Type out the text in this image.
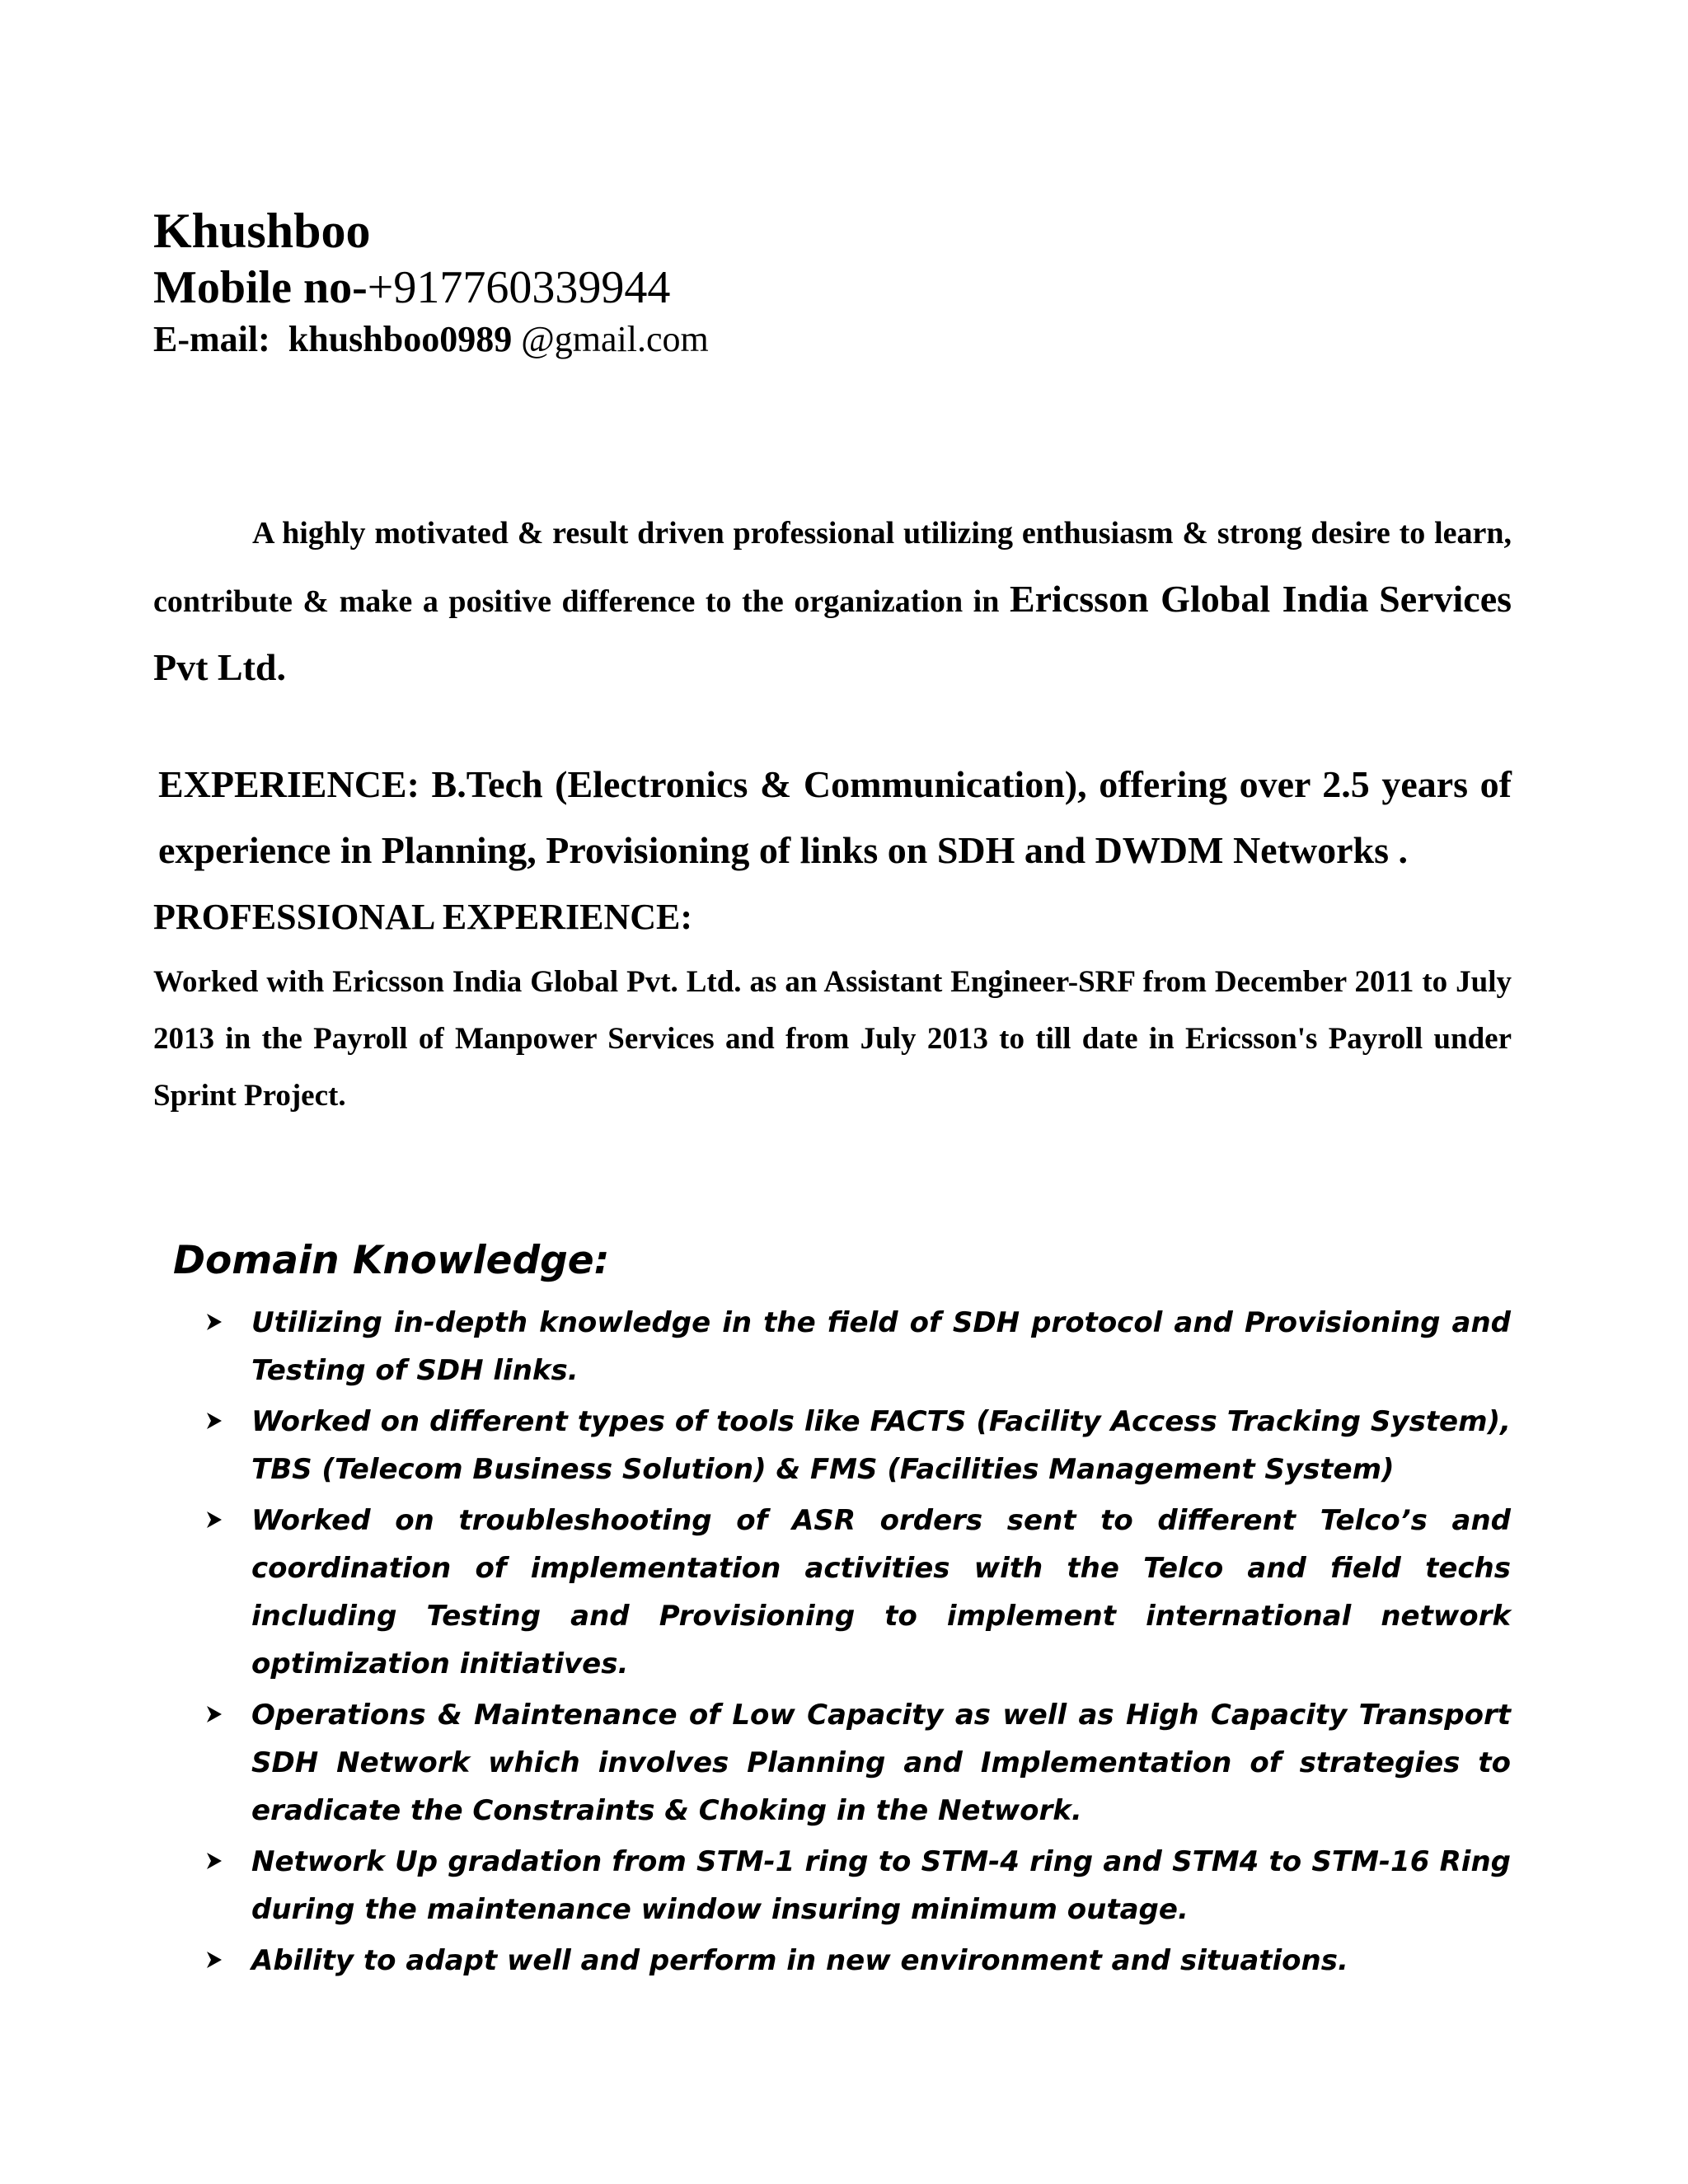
Khushboo
Mobile no-+917760339944
E-mail: khushboo0989 @gmail.com

A highly motivated & result driven professional utilizing enthusiasm & strong desire to learn, contribute & make a positive difference to the organization in Ericsson Global India Services Pvt Ltd.

EXPERIENCE: B.Tech (Electronics & Communication), offering over 2.5 years of experience in Planning, Provisioning of links on SDH and DWDM Networks .

PROFESSIONAL EXPERIENCE:

Worked with Ericsson India Global Pvt. Ltd. as an Assistant Engineer-SRF from December 2011 to July 2013 in the Payroll of Manpower Services and from July 2013 to till date in Ericsson's Payroll under Sprint Project.

Domain Knowledge:
Utilizing in-depth knowledge in the field of SDH protocol and Provisioning and Testing of SDH links.
Worked on different types of tools like FACTS (Facility Access Tracking System), TBS (Telecom Business Solution) & FMS (Facilities Management System)
Worked on troubleshooting of ASR orders sent to different Telco’s and coordination of implementation activities with the Telco and field techs including Testing and Provisioning to implement international network optimization initiatives.
Operations & Maintenance of Low Capacity as well as High Capacity Transport SDH Network which involves Planning and Implementation of strategies to eradicate the Constraints & Choking in the Network.
Network Up gradation from STM-1 ring to STM-4 ring and STM4 to STM-16 Ring during the maintenance window insuring minimum outage.
Ability to adapt well and perform in new environment and situations.
